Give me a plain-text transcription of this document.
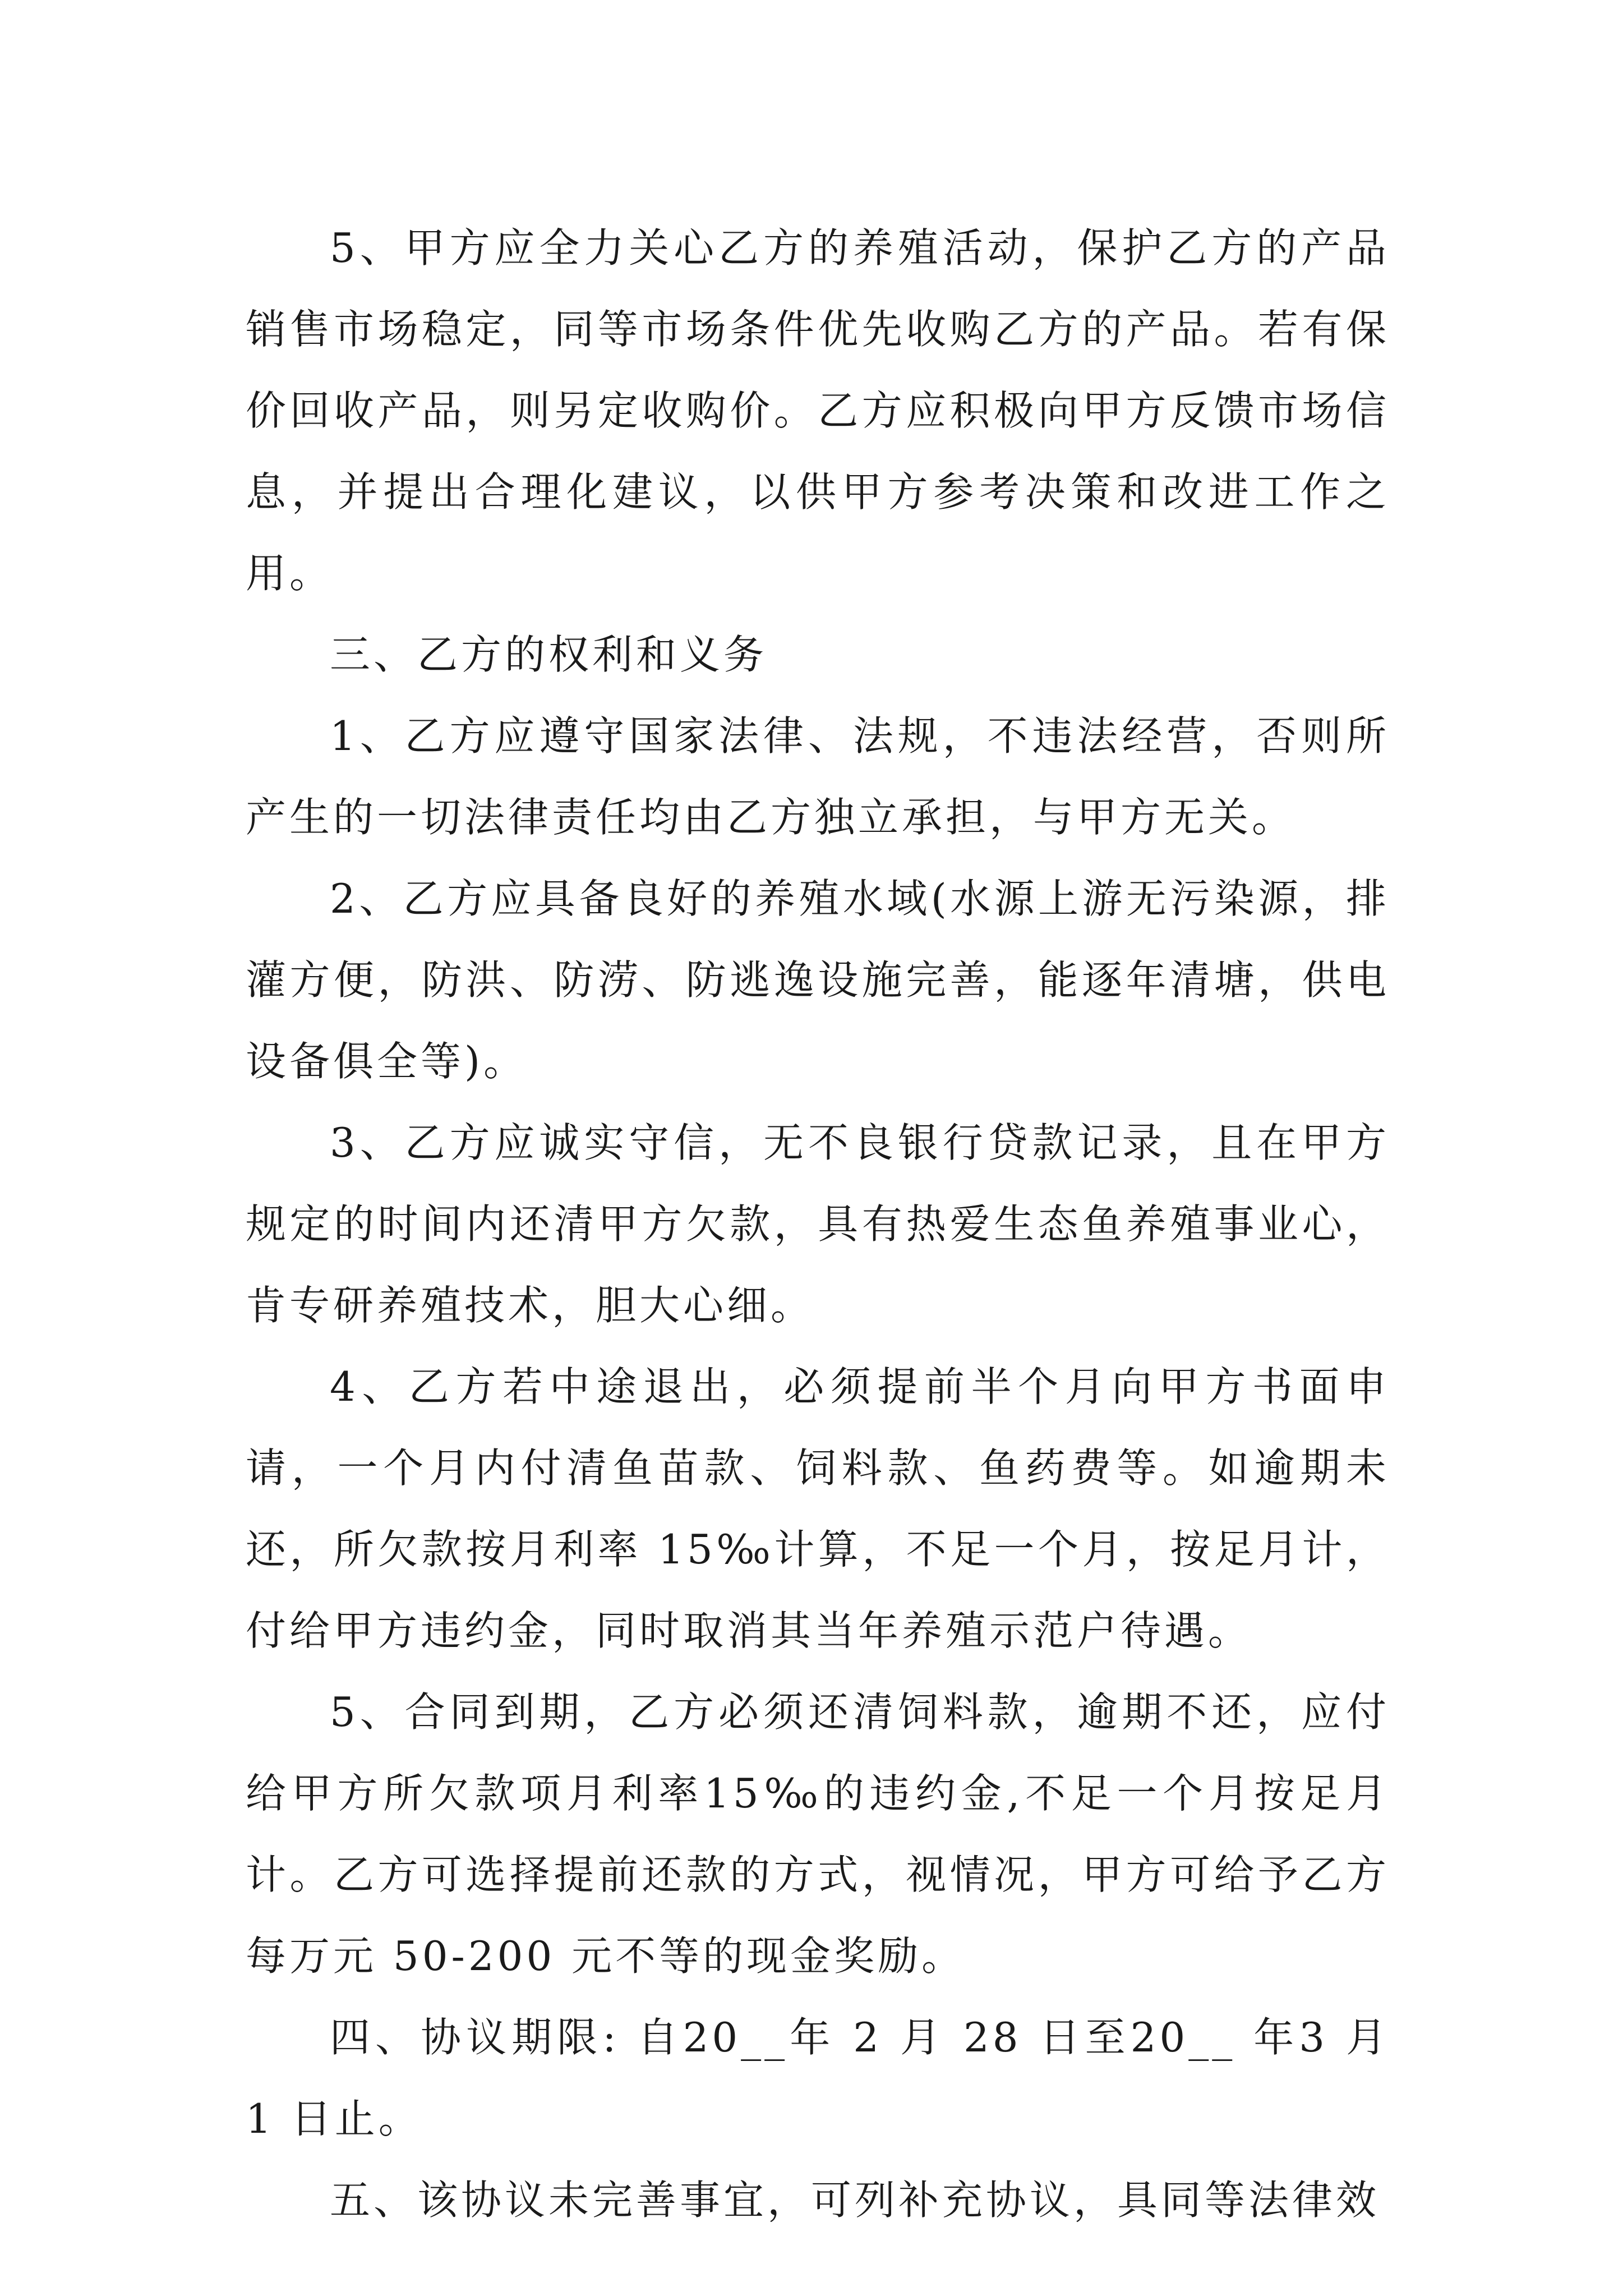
5、甲方应全力关心乙方的养殖活动，保护乙方的产品销售市场稳定，同等市场条件优先收购乙方的产品。若有保价回收产品，则另定收购价。乙方应积极向甲方反馈市场信息，并提出合理化建议，以供甲方参考决策和改进工作之用。

三、乙方的权利和义务

1、乙方应遵守国家法律、法规，不违法经营，否则所产生的一切法律责任均由乙方独立承担，与甲方无关。

2、乙方应具备良好的养殖水域(水源上游无污染源，排灌方便，防洪、防涝、防逃逸设施完善，能逐年清塘，供电设备俱全等)。

3、乙方应诚实守信，无不良银行贷款记录，且在甲方规定的时间内还清甲方欠款，具有热爱生态鱼养殖事业心，肯专研养殖技术，胆大心细。

4、乙方若中途退出，必须提前半个月向甲方书面申请，一个月内付清鱼苗款、饲料款、鱼药费等。如逾期未还，所欠款按月利率 15‰计算，不足一个月，按足月计，付给甲方违约金，同时取消其当年养殖示范户待遇。

5、合同到期，乙方必须还清饲料款，逾期不还，应付给甲方所欠款项月利率15‰的违约金,不足一个月按足月计。乙方可选择提前还款的方式，视情况，甲方可给予乙方每万元 50-200 元不等的现金奖励。

四、协议期限: 自20__年 2 月 28 日至20__ 年3 月 1 日止。

五、该协议未完善事宜，可列补充协议，具同等法律效
